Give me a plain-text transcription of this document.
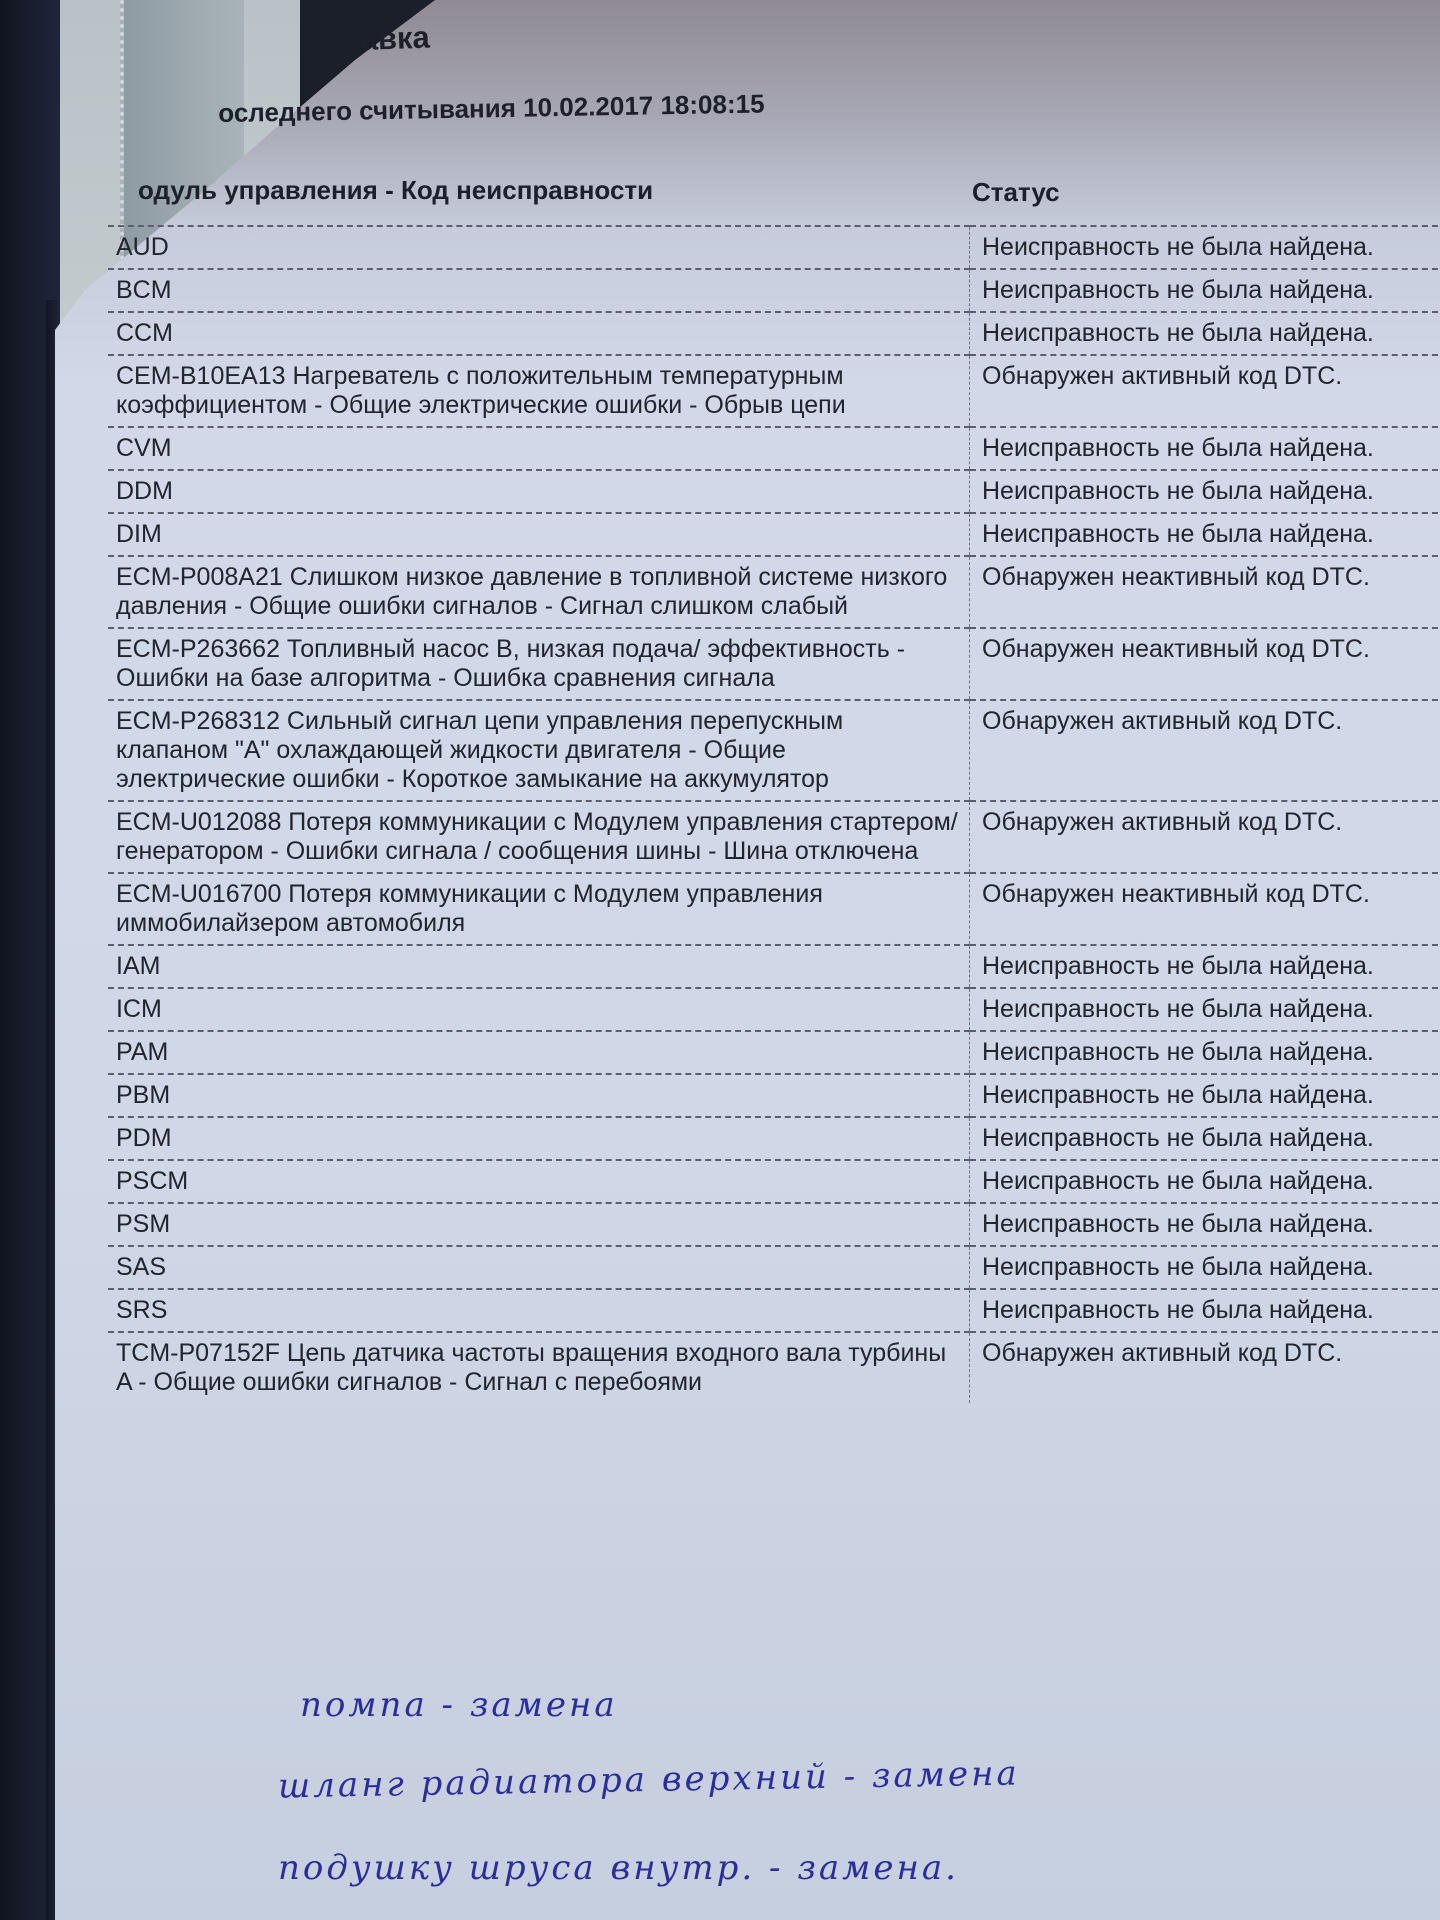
авка
оследнего считывания 10.02.2017 18:08:15
одуль управления - Код неисправности	Статус
AUD	Неисправность не была найдена.
BCM	Неисправность не была найдена.
CCM	Неисправность не была найдена.
CEM-B10EA13 Нагреватель с положительным температурным коэффициентом - Общие электрические ошибки - Обрыв цепи	Обнаружен активный код DTC.
CVM	Неисправность не была найдена.
DDM	Неисправность не была найдена.
DIM	Неисправность не была найдена.
ECM-P008A21 Слишком низкое давление в топливной системе низкого давления - Общие ошибки сигналов - Сигнал слишком слабый	Обнаружен неактивный код DTC.
ECM-P263662 Топливный насос B, низкая подача/ эффективность - Ошибки на базе алгоритма - Ошибка сравнения сигнала	Обнаружен неактивный код DTC.
ECM-P268312 Сильный сигнал цепи управления перепускным клапаном "A" охлаждающей жидкости двигателя - Общие электрические ошибки - Короткое замыкание на аккумулятор	Обнаружен активный код DTC.
ECM-U012088 Потеря коммуникации с Модулем управления стартером/ генератором - Ошибки сигнала / сообщения шины - Шина отключена	Обнаружен активный код DTC.
ECM-U016700 Потеря коммуникации с Модулем управления иммобилайзером автомобиля	Обнаружен неактивный код DTC.
IAM	Неисправность не была найдена.
ICM	Неисправность не была найдена.
PAM	Неисправность не была найдена.
PBM	Неисправность не была найдена.
PDM	Неисправность не была найдена.
PSCM	Неисправность не была найдена.
PSM	Неисправность не была найдена.
SAS	Неисправность не была найдена.
SRS	Неисправность не была найдена.
TCM-P07152F Цепь датчика частоты вращения входного вала турбины A - Общие ошибки сигналов - Сигнал с перебоями	Обнаружен активный код DTC.
помпа - замена
шланг радиатора верхний - замена
подушку шруса внутр. - замена.
